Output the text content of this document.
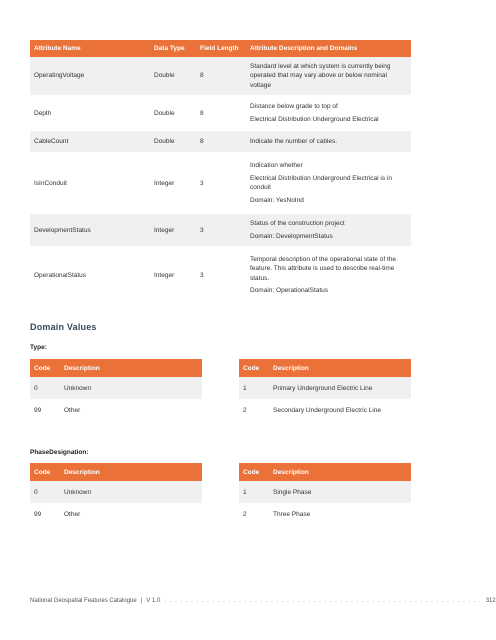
Attribute Name	Data Type	Field Length	Attribute Description and Domains
OperatingVoltage	Double	8	Standard level at which system is currently being operated that may vary above or below nominal voltage

Depth	Double	8	Distance below grade to top of

Electrical Distribution Underground Electrical

CableCount	Double	8	Indicate the number of cables.

IsInConduit	Integer	3	Indication whether

Electrical Distribution Underground Electrical is in conduit

Domain: YesNoInd

DevelopmentStatus	Integer	3	Status of the construction project

Domain: DevelopmentStatus

OperationalStatus	Integer	3	Temporal description of the operational state of the feature. This attribute is used to describe real-time status.

Domain: OperationalStatus

Domain Values
Type:
Code	Description
0	Unknown
99	Other
Code	Description
1	Primary Underground Electric Line
2	Secondary Underground Electric Line
PhaseDesignation:
Code	Description
0	Unknown
99	Other
Code	Description
1	Single Phase
2	Three Phase
National Geospatial Features Catalogue | V 1.0 . . . . . . . . . . . . . . . . . . . . . . . . . . . . . . . . . . . . . . . . . . . . . . . . . . . . . . . . . . . . 312
